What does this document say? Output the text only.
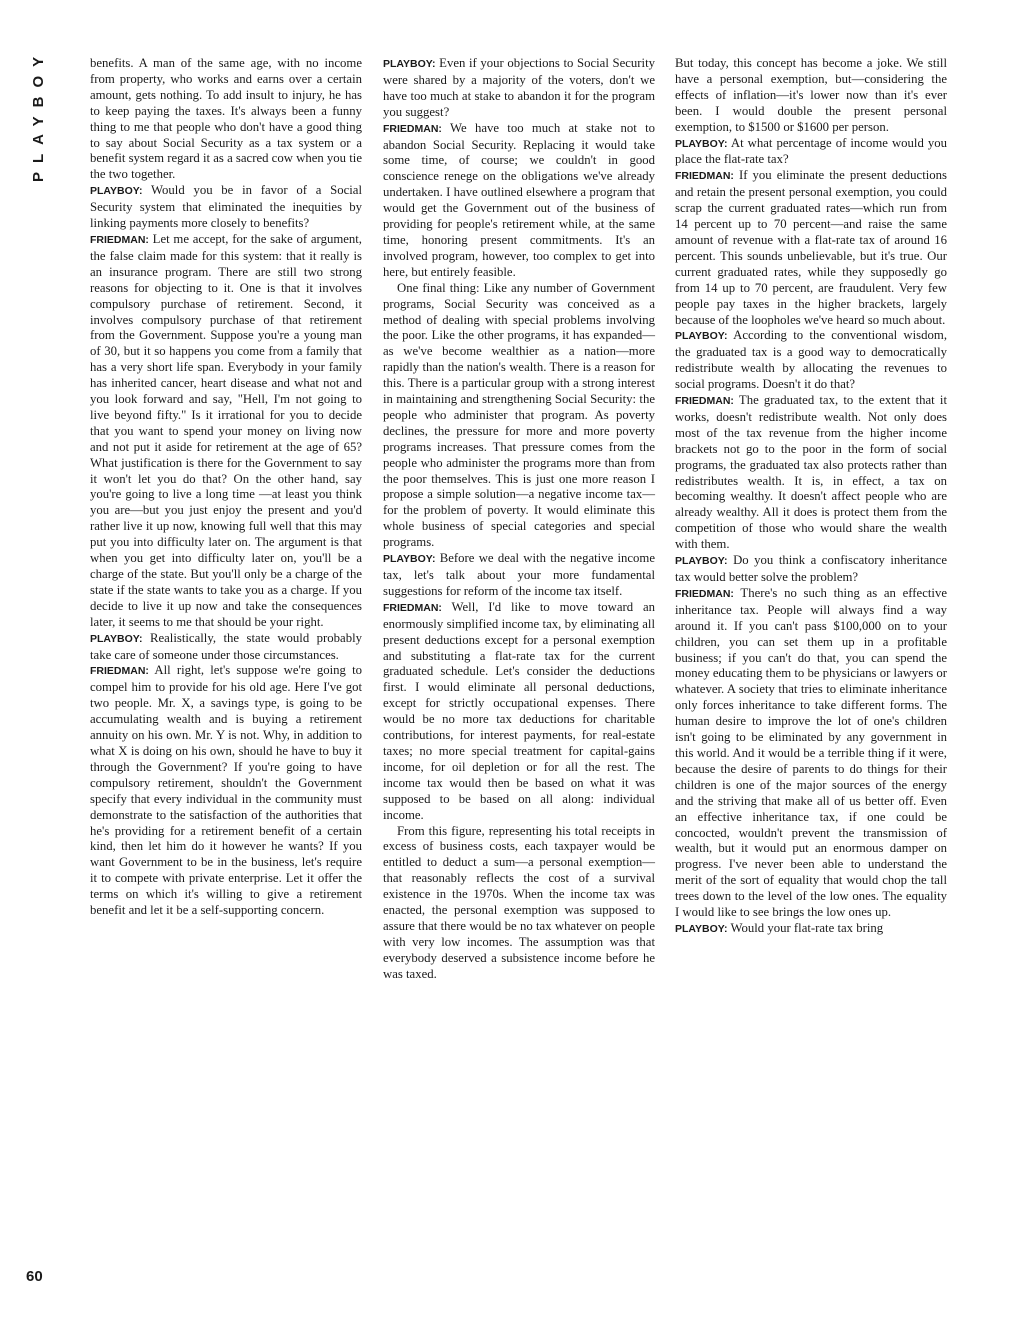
PLAYBOY
60

benefits. A man of the same age, with no income from property, who works and earns over a certain amount, gets nothing. To add insult to injury, he has to keep paying the taxes. It's always been a funny thing to me that people who don't have a good thing to say about Social Security as a tax system or a benefit system regard it as a sacred cow when you tie the two together.

PLAYBOY: Would you be in favor of a Social Security system that eliminated the inequities by linking payments more closely to benefits?

FRIEDMAN: Let me accept, for the sake of argument, the false claim made for this system: that it really is an insurance program. There are still two strong reasons for objecting to it. One is that it involves compulsory purchase of retirement. Second, it involves compulsory purchase of that retirement from the Government. Suppose you're a young man of 30, but it so happens you come from a family that has a very short life span. Everybody in your family has inherited cancer, heart disease and what not and you look forward and say, "Hell, I'm not going to live beyond fifty." Is it irrational for you to decide that you want to spend your money on living now and not put it aside for retirement at the age of 65? What justification is there for the Government to say it won't let you do that? On the other hand, say you're going to live a long time —at least you think you are—but you just enjoy the present and you'd rather live it up now, knowing full well that this may put you into difficulty later on. The argument is that when you get into difficulty later on, you'll be a charge of the state. But you'll only be a charge of the state if the state wants to take you as a charge. If you decide to live it up now and take the consequences later, it seems to me that should be your right.

PLAYBOY: Realistically, the state would probably take care of someone under those circumstances.

FRIEDMAN: All right, let's suppose we're going to compel him to provide for his old age. Here I've got two people. Mr. X, a savings type, is going to be accumulating wealth and is buying a retirement annuity on his own. Mr. Y is not. Why, in addition to what X is doing on his own, should he have to buy it through the Government? If you're going to have compulsory retirement, shouldn't the Government specify that every individual in the community must demonstrate to the satisfaction of the authorities that he's providing for a retirement benefit of a certain kind, then let him do it however he wants? If you want Government to be in the business, let's require it to compete with private enterprise. Let it offer the terms on which it's willing to give a retirement benefit and let it be a self-supporting concern.

PLAYBOY: Even if your objections to Social Security were shared by a majority of the voters, don't we have too much at stake to abandon it for the program you suggest?

FRIEDMAN: We have too much at stake not to abandon Social Security. Replacing it would take some time, of course; we couldn't in good conscience renege on the obligations we've already undertaken. I have outlined elsewhere a program that would get the Government out of the business of providing for people's retirement while, at the same time, honoring present commitments. It's an involved program, however, too complex to get into here, but entirely feasible.

One final thing: Like any number of Government programs, Social Security was conceived as a method of dealing with special problems involving the poor. Like the other programs, it has expanded—as we've become wealthier as a nation—more rapidly than the nation's wealth. There is a reason for this. There is a particular group with a strong interest in maintaining and strengthening Social Security: the people who administer that program. As poverty declines, the pressure for more and more poverty programs increases. That pressure comes from the people who administer the programs more than from the poor themselves. This is just one more reason I propose a simple solution—a negative income tax—for the problem of poverty. It would eliminate this whole business of special categories and special programs.

PLAYBOY: Before we deal with the negative income tax, let's talk about your more fundamental suggestions for reform of the income tax itself.

FRIEDMAN: Well, I'd like to move toward an enormously simplified income tax, by eliminating all present deductions except for a personal exemption and substituting a flat-rate tax for the current graduated schedule. Let's consider the deductions first. I would eliminate all personal deductions, except for strictly occupational expenses. There would be no more tax deductions for charitable contributions, for interest payments, for real-estate taxes; no more special treatment for capital-gains income, for oil depletion or for all the rest. The income tax would then be based on what it was supposed to be based on all along: individual income.

From this figure, representing his total receipts in excess of business costs, each taxpayer would be entitled to deduct a sum—a personal exemption—that reasonably reflects the cost of a survival existence in the 1970s. When the income tax was enacted, the personal exemption was supposed to assure that there would be no tax whatever on people with very low incomes. The assumption was that everybody deserved a subsistence income before he was taxed.

But today, this concept has become a joke. We still have a personal exemption, but—considering the effects of inflation—it's lower now than it's ever been. I would double the present personal exemption, to $1500 or $1600 per person.

PLAYBOY: At what percentage of income would you place the flat-rate tax?

FRIEDMAN: If you eliminate the present deductions and retain the present personal exemption, you could scrap the current graduated rates—which run from 14 percent up to 70 percent—and raise the same amount of revenue with a flat-rate tax of around 16 percent. This sounds unbelievable, but it's true. Our current graduated rates, while they supposedly go from 14 up to 70 percent, are fraudulent. Very few people pay taxes in the higher brackets, largely because of the loopholes we've heard so much about.

PLAYBOY: According to the conventional wisdom, the graduated tax is a good way to democratically redistribute wealth by allocating the revenues to social programs. Doesn't it do that?

FRIEDMAN: The graduated tax, to the extent that it works, doesn't redistribute wealth. Not only does most of the tax revenue from the higher income brackets not go to the poor in the form of social programs, the graduated tax also protects rather than redistributes wealth. It is, in effect, a tax on becoming wealthy. It doesn't affect people who are already wealthy. All it does is protect them from the competition of those who would share the wealth with them.

PLAYBOY: Do you think a confiscatory inheritance tax would better solve the problem?

FRIEDMAN: There's no such thing as an effective inheritance tax. People will always find a way around it. If you can't pass $100,000 on to your children, you can set them up in a profitable business; if you can't do that, you can spend the money educating them to be physicians or lawyers or whatever. A society that tries to eliminate inheritance only forces inheritance to take different forms. The human desire to improve the lot of one's children isn't going to be eliminated by any government in this world. And it would be a terrible thing if it were, because the desire of parents to do things for their children is one of the major sources of the energy and the striving that make all of us better off. Even an effective inheritance tax, if one could be concocted, wouldn't prevent the transmission of wealth, but it would put an enormous damper on progress. I've never been able to understand the merit of the sort of equality that would chop the tall trees down to the level of the low ones. The equality I would like to see brings the low ones up.

PLAYBOY: Would your flat-rate tax bring
